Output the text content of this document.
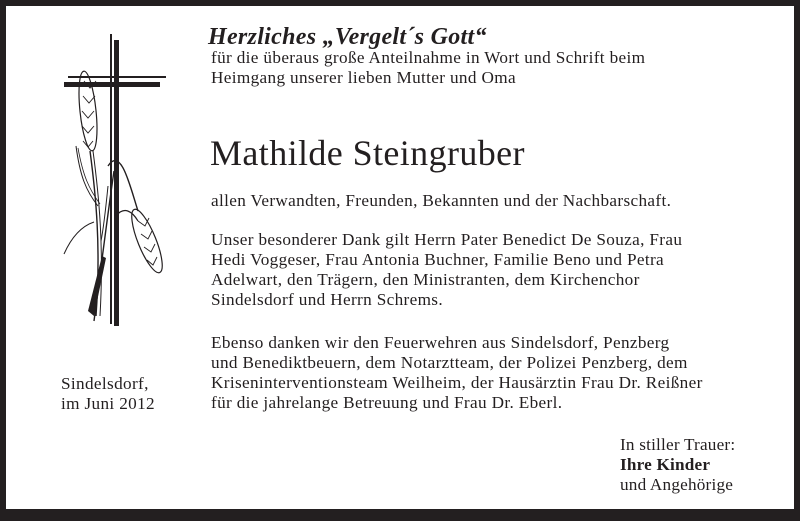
Herzliches „Vergelt´s Gott“
für die überaus große Anteilnahme in Wort und Schrift beim
Heimgang unserer lieben Mutter und Oma
Mathilde Steingruber
allen Verwandten, Freunden, Bekannten und der Nachbarschaft.
Unser besonderer Dank gilt Herrn Pater Benedict De Souza, Frau
Hedi Voggeser, Frau Antonia Buchner, Familie Beno und Petra
Adelwart, den Trägern, den Ministranten, dem Kirchenchor
Sindelsdorf und Herrn Schrems.
Ebenso danken wir den Feuerwehren aus Sindelsdorf, Penzberg
und Benediktbeuern, dem Notarztteam, der Polizei Penzberg, dem
Kriseninterventionsteam Weilheim, der Hausärztin Frau Dr. Reißner
für die jahrelange Betreuung und Frau Dr. Eberl.
Sindelsdorf,
im Juni 2012
In stiller Trauer:
Ihre Kinder
und Angehörige
